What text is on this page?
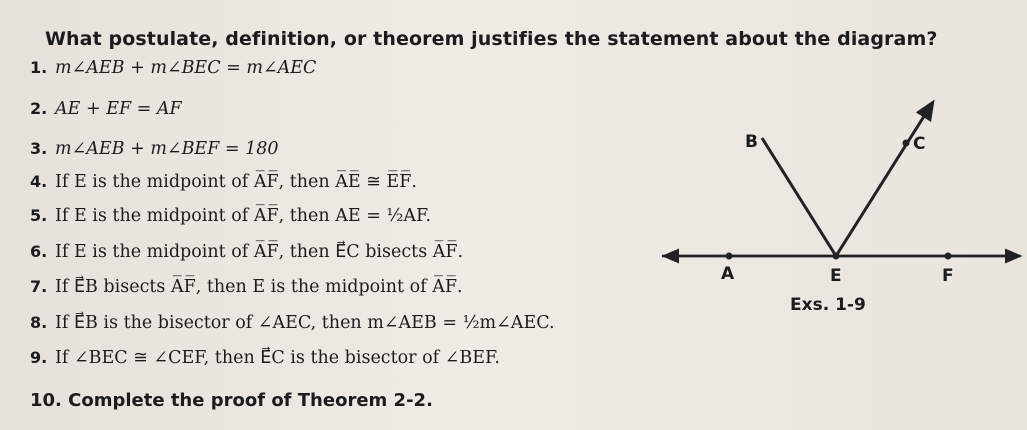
What postulate, definition, or theorem justifies the statement about the diagram?
1. m∠AEB + m∠BEC = m∠AEC
2. AE + EF = AF
3. m∠AEB + m∠BEF = 180
4. If E is the midpoint of A̅F̅, then A̅E̅ ≅ E̅F̅.
5. If E is the midpoint of A̅F̅, then AE = ½AF.
6. If E is the midpoint of A̅F̅, then E⃗C bisects A̅F̅.
7. If E⃗B bisects A̅F̅, then E is the midpoint of A̅F̅.
8. If E⃗B is the bisector of ∠AEC, then m∠AEB = ½m∠AEC.
9. If ∠BEC ≅ ∠CEF, then E⃗C is the bisector of ∠BEF.
10. Complete the proof of Theorem 2-2.
B	C
A	E	F
Exs. 1-9
